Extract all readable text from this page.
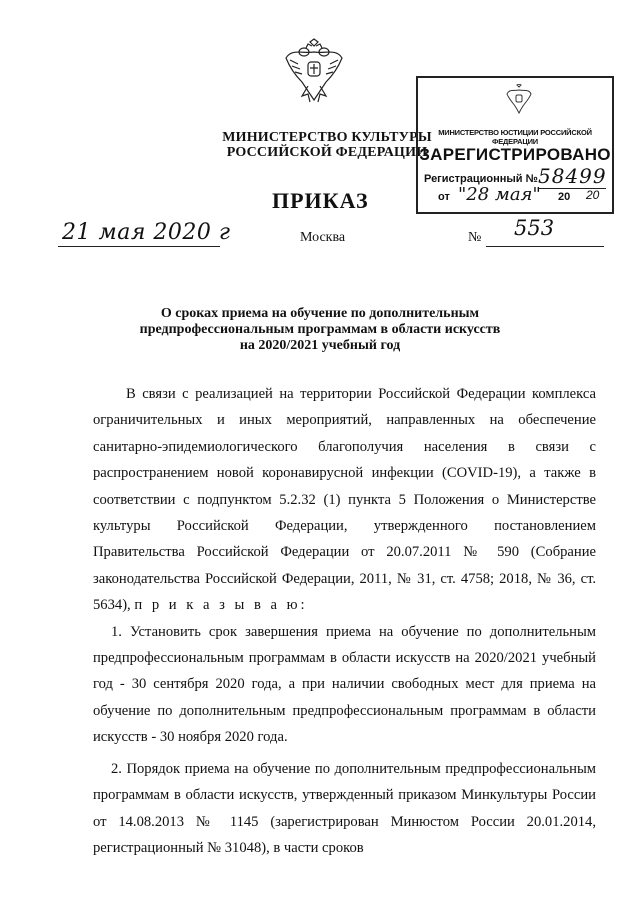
МИНИСТЕРСТВО КУЛЬТУРЫ
РОССИЙСКОЙ ФЕДЕРАЦИИ
МИНИСТЕРСТВО ЮСТИЦИИ РОССИЙСКОЙ ФЕДЕРАЦИИ
ЗАРЕГИСТРИРОВАНО
Регистрационный № 58499
от "28 мая" 20 20
ПРИКАЗ
21 мая 2020 г	Москва	№ 553
О сроках приема на обучение по дополнительным
предпрофессиональным программам в области искусств
на 2020/2021 учебный год

В связи с реализацией на территории Российской Федерации комплекса ограничительных и иных мероприятий, направленных на обеспечение санитарно-эпидемиологического благополучия населения в связи с распространением новой коронавирусной инфекции (COVID-19), а также в соответствии с подпунктом 5.2.32 (1) пункта 5 Положения о Министерстве культуры Российской Федерации, утвержденного постановлением Правительства Российской Федерации от 20.07.2011 № 590 (Собрание законодательства Российской Федерации, 2011, № 31, ст. 4758; 2018, № 36, ст. 5634), п р и к а з ы в а ю:

1. Установить срок завершения приема на обучение по дополнительным предпрофессиональным программам в области искусств на 2020/2021 учебный год - 30 сентября 2020 года, а при наличии свободных мест для приема на обучение по дополнительным предпрофессиональным программам в области искусств - 30 ноября 2020 года.

2. Порядок приема на обучение по дополнительным предпрофессиональным программам в области искусств, утвержденный приказом Минкультуры России от 14.08.2013 № 1145 (зарегистрирован Минюстом России 20.01.2014, регистрационный № 31048), в части сроков
